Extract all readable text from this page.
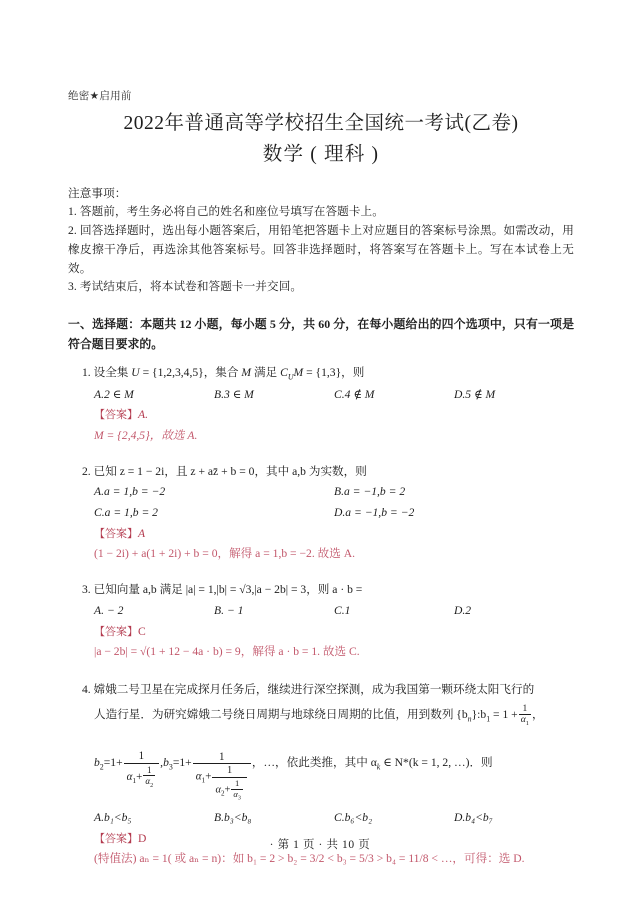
绝密★启用前
2022年普通高等学校招生全国统一考试(乙卷)
数学 ( 理科 )

注意事项：

1. 答题前，考生务必将自己的姓名和座位号填写在答题卡上。

2. 回答选择题时，选出每小题答案后，用铅笔把答题卡上对应题目的答案标号涂黑。如需改动，用橡皮擦干净后，再选涂其他答案标号。回答非选择题时，将答案写在答题卡上。写在本试卷上无效。

3. 考试结束后，将本试卷和答题卡一并交回。

一、选择题：本题共 12 小题，每小题 5 分，共 60 分，在每小题给出的四个选项中，只有一项是符合题目要求的。
1. 设全集 U = {1,2,3,4,5}，集合 M 满足 $C_UM = \{1,3\}$，则
A.2 ∈ M	B.3 ∈ M	C.4 ∉ M	D.5 ∉ M
【答案】A.
M = {2,4,5}，故选 A.
2. 已知 z = 1 − 2i，且 z + az̄ + b = 0，其中 a,b 为实数，则
A.a = 1,b = −2	B.a = −1,b = 2
C.a = 1,b = 2	D.a = −1,b = −2
【答案】A
(1 − 2i) + a(1 + 2i) + b = 0，解得 a = 1,b = −2. 故选 A.
3. 已知向量 a,b 满足 |a| = 1,|b| = √3,|a − 2b| = 3，则 a · b =
A. − 2	B. − 1	C.1	D.2
【答案】C
|a − 2b| = √(1 + 12 − 4a · b) = 9，解得 a · b = 1. 故选 C.
4. 嫦娥二号卫星在完成探月任务后，继续进行深空探测，成为我国第一颗环绕太阳飞行的
人造行星．为研究嫦娥二号绕日周期与地球绕日周期的比值，用到数列 $\{b_n\}:b_1 = 1 + \frac{1}{\alpha_1}$ ，
$b_2=1+ \frac{1}{\alpha_1+ \frac{1}{\alpha_2}} ,b_3=1+ \frac{1}{\alpha_1+ \frac{1}{\alpha_2+ \frac{1}{\alpha_3}}}$ ，…，依此类推，其中 $\alpha_k$ ∈ N*(k = 1, 2, …)．则
A.b₁<b₅	B.b₃<b₈	C.b₆<b₂	D.b₄<b₇
【答案】D
(特值法) aₙ = 1( 或 aₙ = n)：如 b₁ = 2 > b₂ = 3/2 < b₃ = 5/3 > b₄ = 11/8 < …，可得：选 D.
· 第 1 页 · 共 10 页
